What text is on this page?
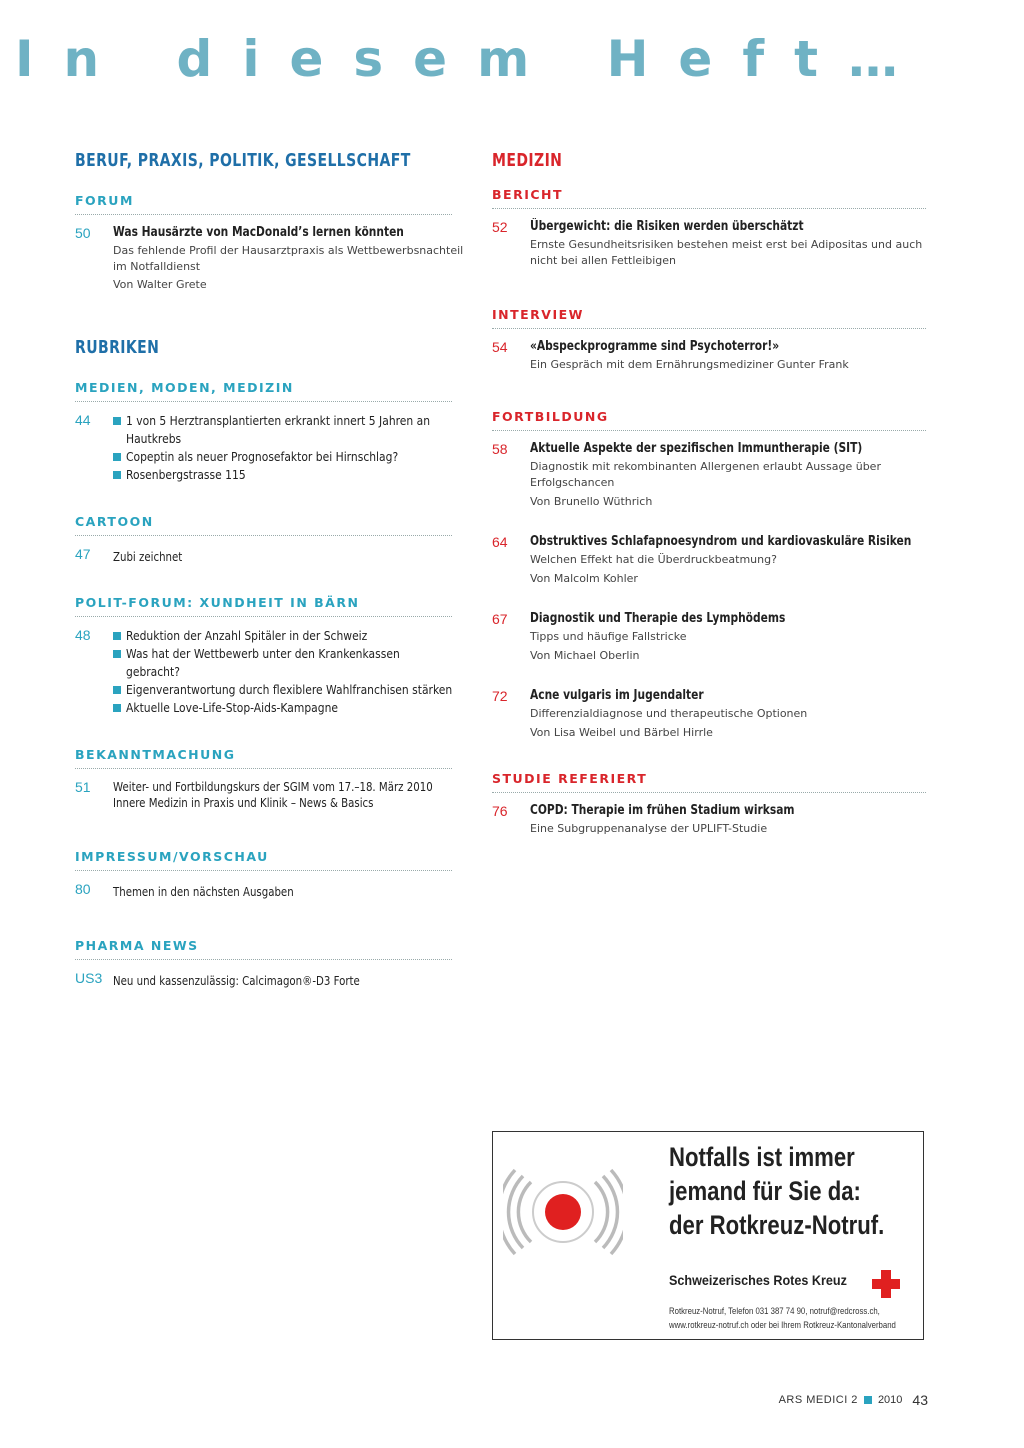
In diesem Heft…
BERUF, PRAXIS, POLITIK, GESELLSCHAFT
FORUM
50	Was Hausärzte von MacDonald’s lernen könnten
Das fehlende Profil der Hausarztpraxis als Wettbewerbsnachteil im Notfalldienst
Von Walter Grete
RUBRIKEN
MEDIEN, MODEN, MEDIZIN
44	1 von 5 Herztransplantierten erkrankt innert 5 Jahren an Hautkrebs
Copeptin als neuer Prognosefaktor bei Hirnschlag?
Rosenbergstrasse 115
CARTOON
47	Zubi zeichnet
POLIT-FORUM: XUNDHEIT IN BÄRN
48	Reduktion der Anzahl Spitäler in der Schweiz
Was hat der Wettbewerb unter den Krankenkassen gebracht?
Eigenverantwortung durch flexiblere Wahlfranchisen stärken
Aktuelle Love-Life-Stop-Aids-Kampagne
BEKANNTMACHUNG
51	Weiter- und Fortbildungskurs der SGIM vom 17.–18. März 2010 Innere Medizin in Praxis und Klinik – News & Basics
IMPRESSUM/VORSCHAU
80	Themen in den nächsten Ausgaben
PHARMA NEWS
US3 Neu und kassenzulässig: Calcimagon®-D3 Forte
MEDIZIN
BERICHT
52	Übergewicht: die Risiken werden überschätzt
Ernste Gesundheitsrisiken bestehen meist erst bei Adipositas und auch nicht bei allen Fettleibigen
INTERVIEW
54	«Abspeckprogramme sind Psychoterror!»
Ein Gespräch mit dem Ernährungsmediziner Gunter Frank
FORTBILDUNG
58	Aktuelle Aspekte der spezifischen Immuntherapie (SIT)
Diagnostik mit rekombinanten Allergenen erlaubt Aussage über Erfolgschancen
Von Brunello Wüthrich
64	Obstruktives Schlafapnoesyndrom und kardiovaskuläre Risiken
Welchen Effekt hat die Überdruckbeatmung?
Von Malcolm Kohler
67	Diagnostik und Therapie des Lymphödems
Tipps und häufige Fallstricke
Von Michael Oberlin
72	Acne vulgaris im Jugendalter
Differenzialdiagnose und therapeutische Optionen
Von Lisa Weibel und Bärbel Hirrle
STUDIE REFERIERT
76	COPD: Therapie im frühen Stadium wirksam
Eine Subgruppenanalyse der UPLIFT-Studie
Notfalls ist immer
jemand für Sie da:
der Rotkreuz-Notruf.
Schweizerisches Rotes Kreuz
Rotkreuz-Notruf, Telefon 031 387 74 90, notruf@redcross.ch,
www.rotkreuz-notruf.ch oder bei Ihrem Rotkreuz-Kantonalverband
ARS MEDICI 2 2010 43
